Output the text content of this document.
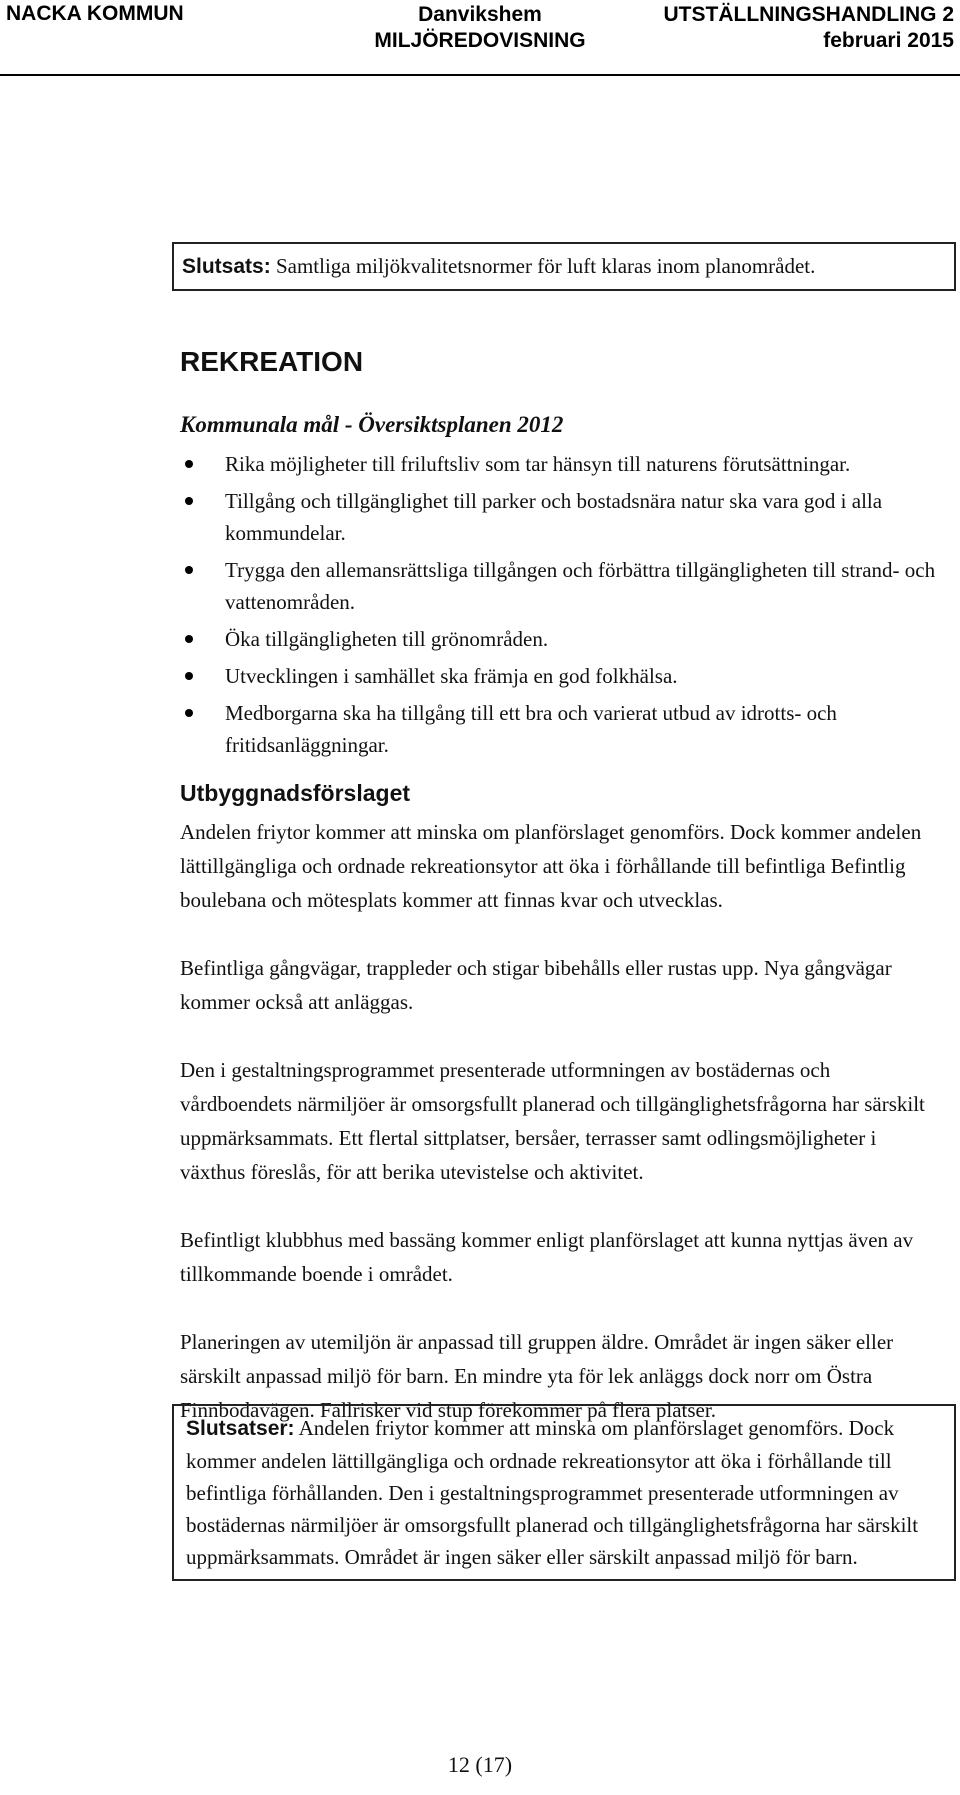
NACKA KOMMUN	Danvikshem
MILJÖREDOVISNING
UTSTÄLLNINGSHANDLING 2
februari 2015
Slutsats: Samtliga miljökvalitetsnormer för luft klaras inom planområdet.
REKREATION
Kommunala mål - Översiktsplanen 2012
Rika möjligheter till friluftsliv som tar hänsyn till naturens förutsättningar.
Tillgång och tillgänglighet till parker och bostadsnära natur ska vara god i alla kommundelar.
Trygga den allemansrättsliga tillgången och förbättra tillgängligheten till strand- och vattenområden.
Öka tillgängligheten till grönområden.
Utvecklingen i samhället ska främja en god folkhälsa.
Medborgarna ska ha tillgång till ett bra och varierat utbud av idrotts- och fritidsanläggningar.
Utbyggnadsförslaget

Andelen friytor kommer att minska om planförslaget genomförs. Dock kommer andelen lättillgängliga och ordnade rekreationsytor att öka i förhållande till befintliga Befintlig boulebana och mötesplats kommer att finnas kvar och utvecklas.

Befintliga gångvägar, trappleder och stigar bibehålls eller rustas upp. Nya gångvägar kommer också att anläggas.

Den i gestaltningsprogrammet presenterade utformningen av bostädernas och vårdboendets närmiljöer är omsorgsfullt planerad och tillgänglighetsfrågorna har särskilt uppmärksammats. Ett flertal sittplatser, bersåer, terrasser samt odlingsmöjligheter i växthus föreslås, för att berika utevistelse och aktivitet.

Befintligt klubbhus med bassäng kommer enligt planförslaget att kunna nyttjas även av tillkommande boende i området.

Planeringen av utemiljön är anpassad till gruppen äldre. Området är ingen säker eller särskilt anpassad miljö för barn. En mindre yta för lek anläggs dock norr om Östra Finnbodavägen. Fallrisker vid stup förekommer på flera platser.

Slutsatser: Andelen friytor kommer att minska om planförslaget genomförs. Dock kommer andelen lättillgängliga och ordnade rekreationsytor att öka i förhållande till befintliga förhållanden. Den i gestaltningsprogrammet presenterade utformningen av bostädernas närmiljöer är omsorgsfullt planerad och tillgänglighetsfrågorna har särskilt uppmärksammats. Området är ingen säker eller särskilt anpassad miljö för barn.
12 (17)
